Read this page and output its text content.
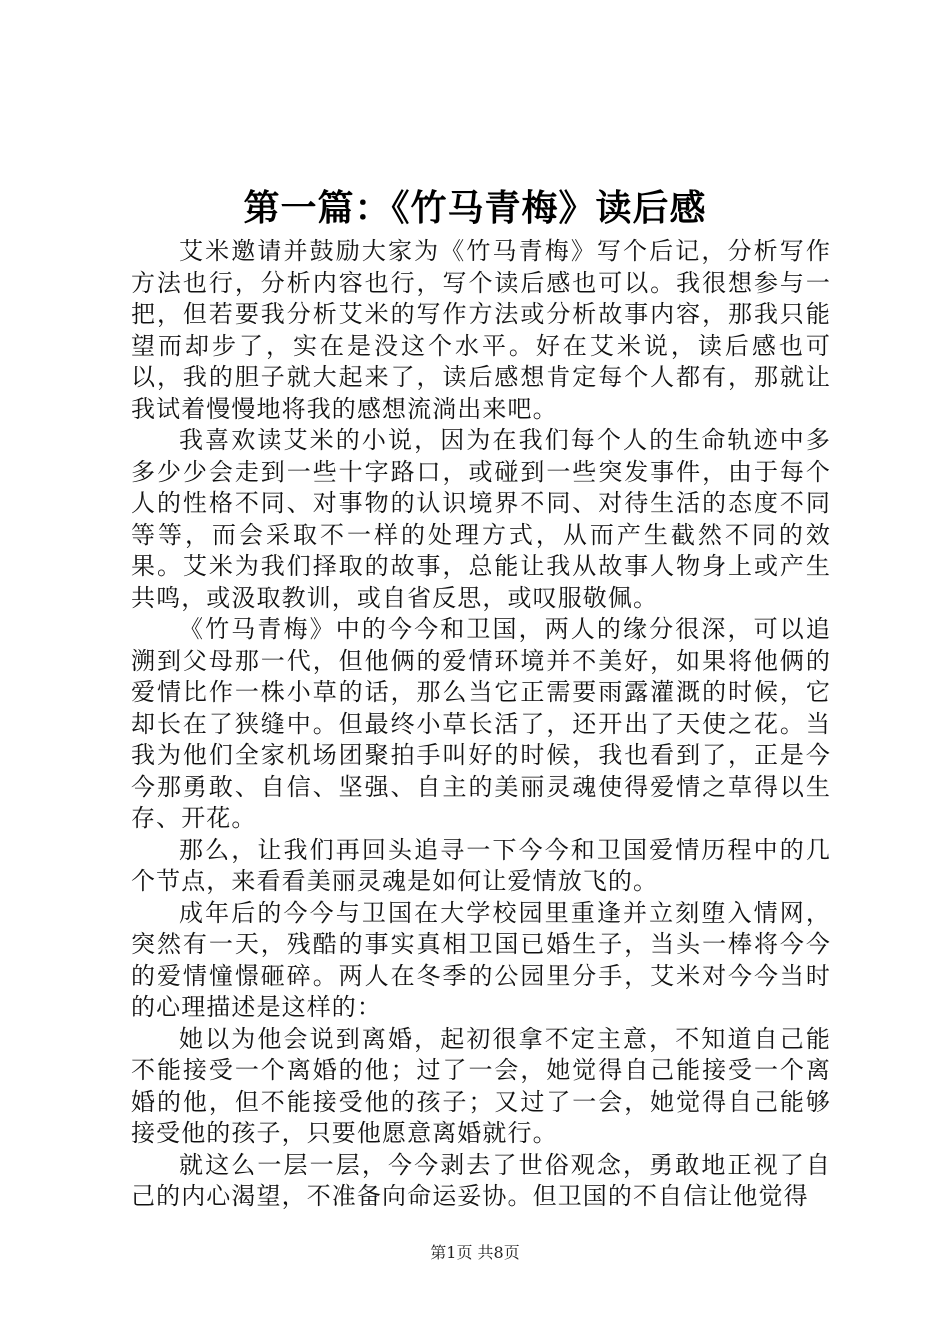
第一篇：《竹马青梅》读后感

艾米邀请并鼓励大家为《竹马青梅》写个后记，分析写作方法也行，分析内容也行，写个读后感也可以。我很想参与一把，但若要我分析艾米的写作方法或分析故事内容，那我只能望而却步了，实在是没这个水平。好在艾米说，读后感也可以，我的胆子就大起来了，读后感想肯定每个人都有，那就让我试着慢慢地将我的感想流淌出来吧。

我喜欢读艾米的小说，因为在我们每个人的生命轨迹中多多少少会走到一些十字路口，或碰到一些突发事件，由于每个人的性格不同、对事物的认识境界不同、对待生活的态度不同等等，而会采取不一样的处理方式，从而产生截然不同的效果。艾米为我们择取的故事，总能让我从故事人物身上或产生共鸣，或汲取教训，或自省反思，或叹服敬佩。

《竹马青梅》中的今今和卫国，两人的缘分很深，可以追溯到父母那一代，但他俩的爱情环境并不美好，如果将他俩的爱情比作一株小草的话，那么当它正需要雨露灌溉的时候，它却长在了狭缝中。但最终小草长活了，还开出了天使之花。当我为他们全家机场团聚拍手叫好的时候，我也看到了，正是今今那勇敢、自信、坚强、自主的美丽灵魂使得爱情之草得以生存、开花。

那么，让我们再回头追寻一下今今和卫国爱情历程中的几个节点，来看看美丽灵魂是如何让爱情放飞的。

成年后的今今与卫国在大学校园里重逢并立刻堕入情网，突然有一天，残酷的事实真相卫国已婚生子，当头一棒将今今的爱情憧憬砸碎。两人在冬季的公园里分手，艾米对今今当时的心理描述是这样的：

她以为他会说到离婚，起初很拿不定主意，不知道自己能不能接受一个离婚的他；过了一会，她觉得自己能接受一个离婚的他，但不能接受他的孩子；又过了一会，她觉得自己能够接受他的孩子，只要他愿意离婚就行。

就这么一层一层，今今剥去了世俗观念，勇敢地正视了自己的内心渴望，不准备向命运妥协。但卫国的不自信让他觉得

第1页 共8页
